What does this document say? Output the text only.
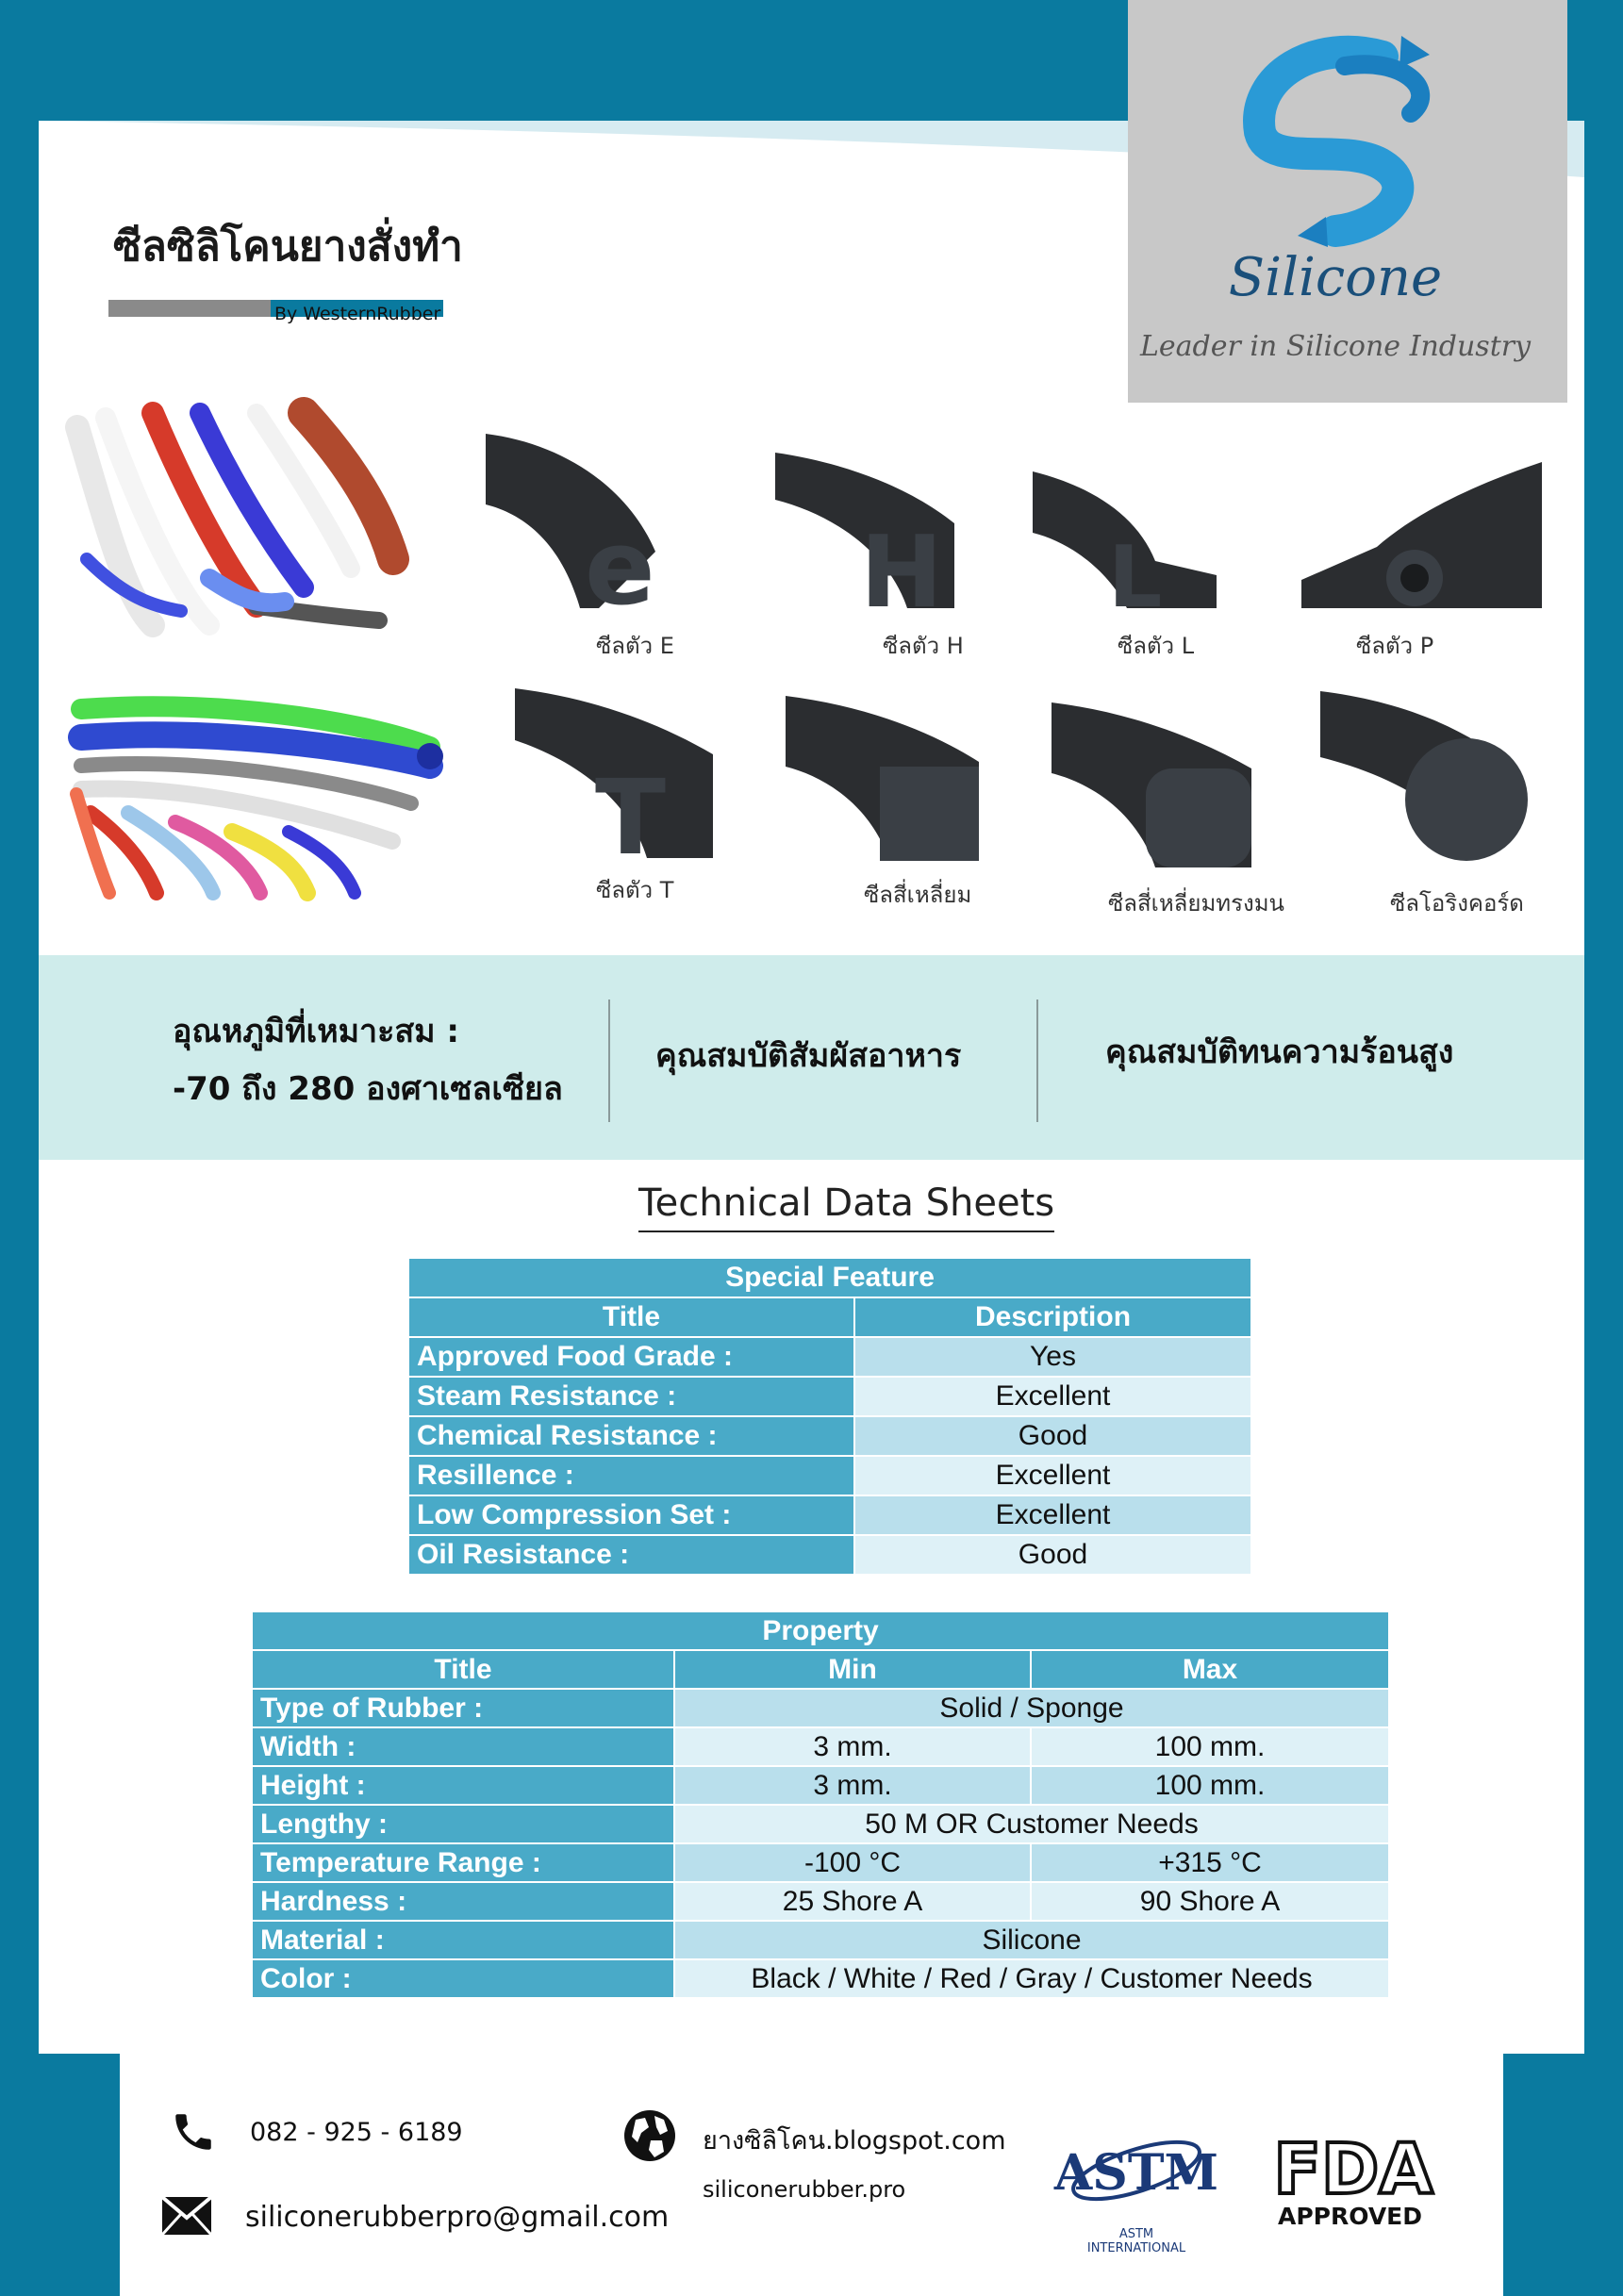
Silicone
Leader in Silicone Industry
ซีลซิลิโคนยางสั่งทำ
By WesternRubber
e H L
T
ซีลตัว E	ซีลตัว H	ซีลตัว L	ซีลตัว P
ซีลตัว T	ซีลสี่เหลี่ยม	ซีลสี่เหลี่ยมทรงมน	ซีลโอริงคอร์ด
อุณหภูมิที่เหมาะสม :
-70 ถึง 280 องศาเซลเซียล
คุณสมบัติสัมผัสอาหาร	คุณสมบัติทนความร้อนสูง
Technical Data Sheets
Special Feature	
Title	Description
Approved Food Grade :	Yes
Steam Resistance :	Excellent
Chemical Resistance :	Good
Resillence :	Excellent
Low Compression Set :	Excellent
Oil Resistance :	Good
Property		
Title	Min	Max
Type of Rubber :	Solid / Sponge	
Width :	3 mm.	100 mm.
Height :	3 mm.	100 mm.
Lengthy :	50 M OR Customer Needs	
Temperature Range :	-100 °C	+315 °C
Hardness :	25 Shore A	90 Shore A
Material :	Silicone	
Color :	Black / White / Red / Gray / Customer Needs	
082 - 925 - 6189
siliconerubberpro@gmail.com
ยางซิลิโคน.blogspot.com
siliconerubber.pro	ASTM
ASTM INTERNATIONAL
FDA
APPROVED
